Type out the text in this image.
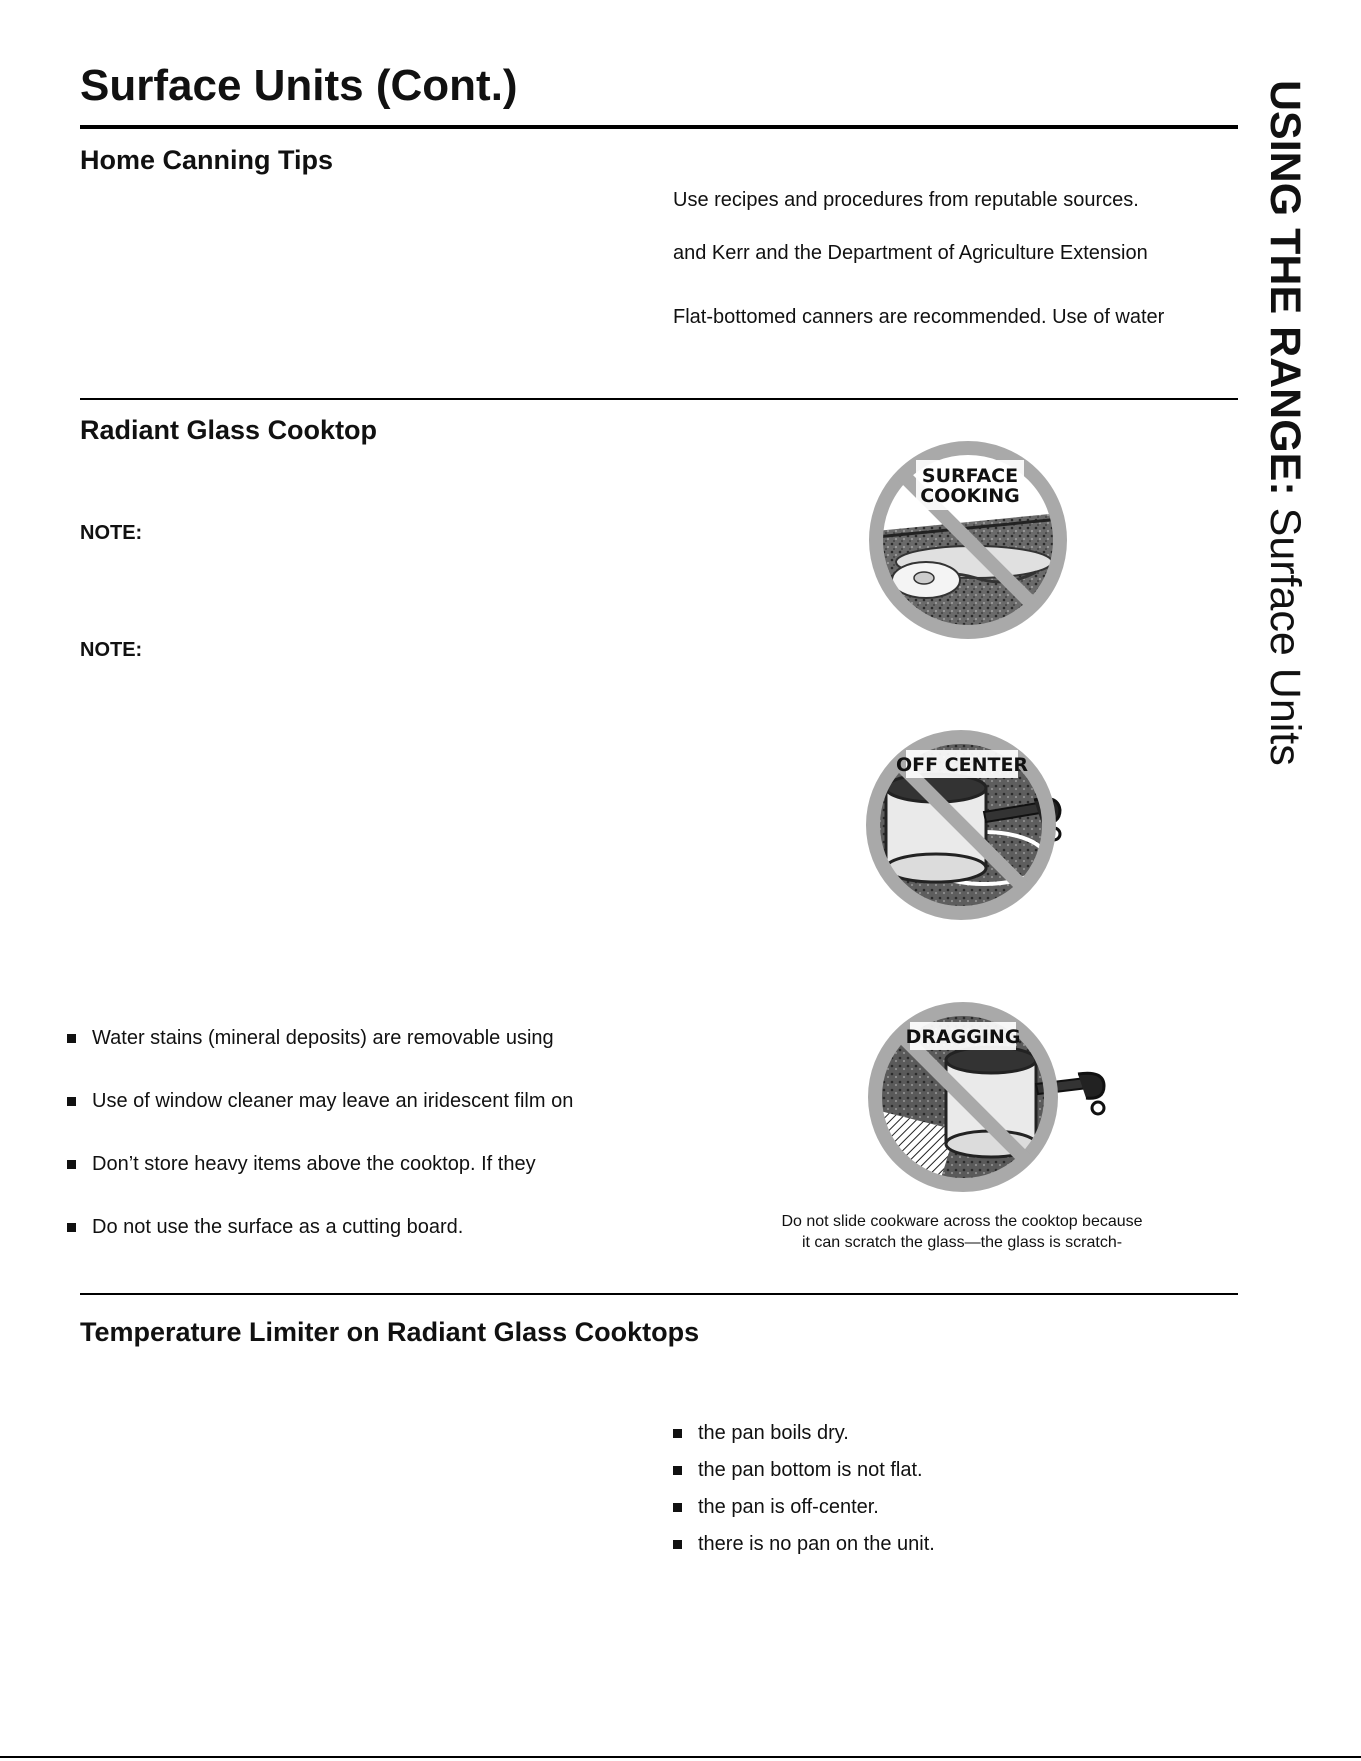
Surface Units (Cont.)	USING THE RANGE: Surface Units
Home Canning Tips
Use recipes and procedures from reputable sources.
and Kerr and the Department of Agriculture Extension
Flat-bottomed canners are recommended. Use of water
Radiant Glass Cooktop
NOTE:
NOTE:
Water stains (mineral deposits) are removable using
Use of window cleaner may leave an iridescent film on
Don’t store heavy items above the cooktop. If they
Do not use the surface as a cutting board.
SURFACE
COOKING
OFF CENTER
DRAGGING
Do not slide cookware across the cooktop because
it can scratch the glass—the glass is scratch-
Temperature Limiter on Radiant Glass Cooktops
the pan boils dry.
the pan bottom is not flat.
the pan is off-center.
there is no pan on the unit.
